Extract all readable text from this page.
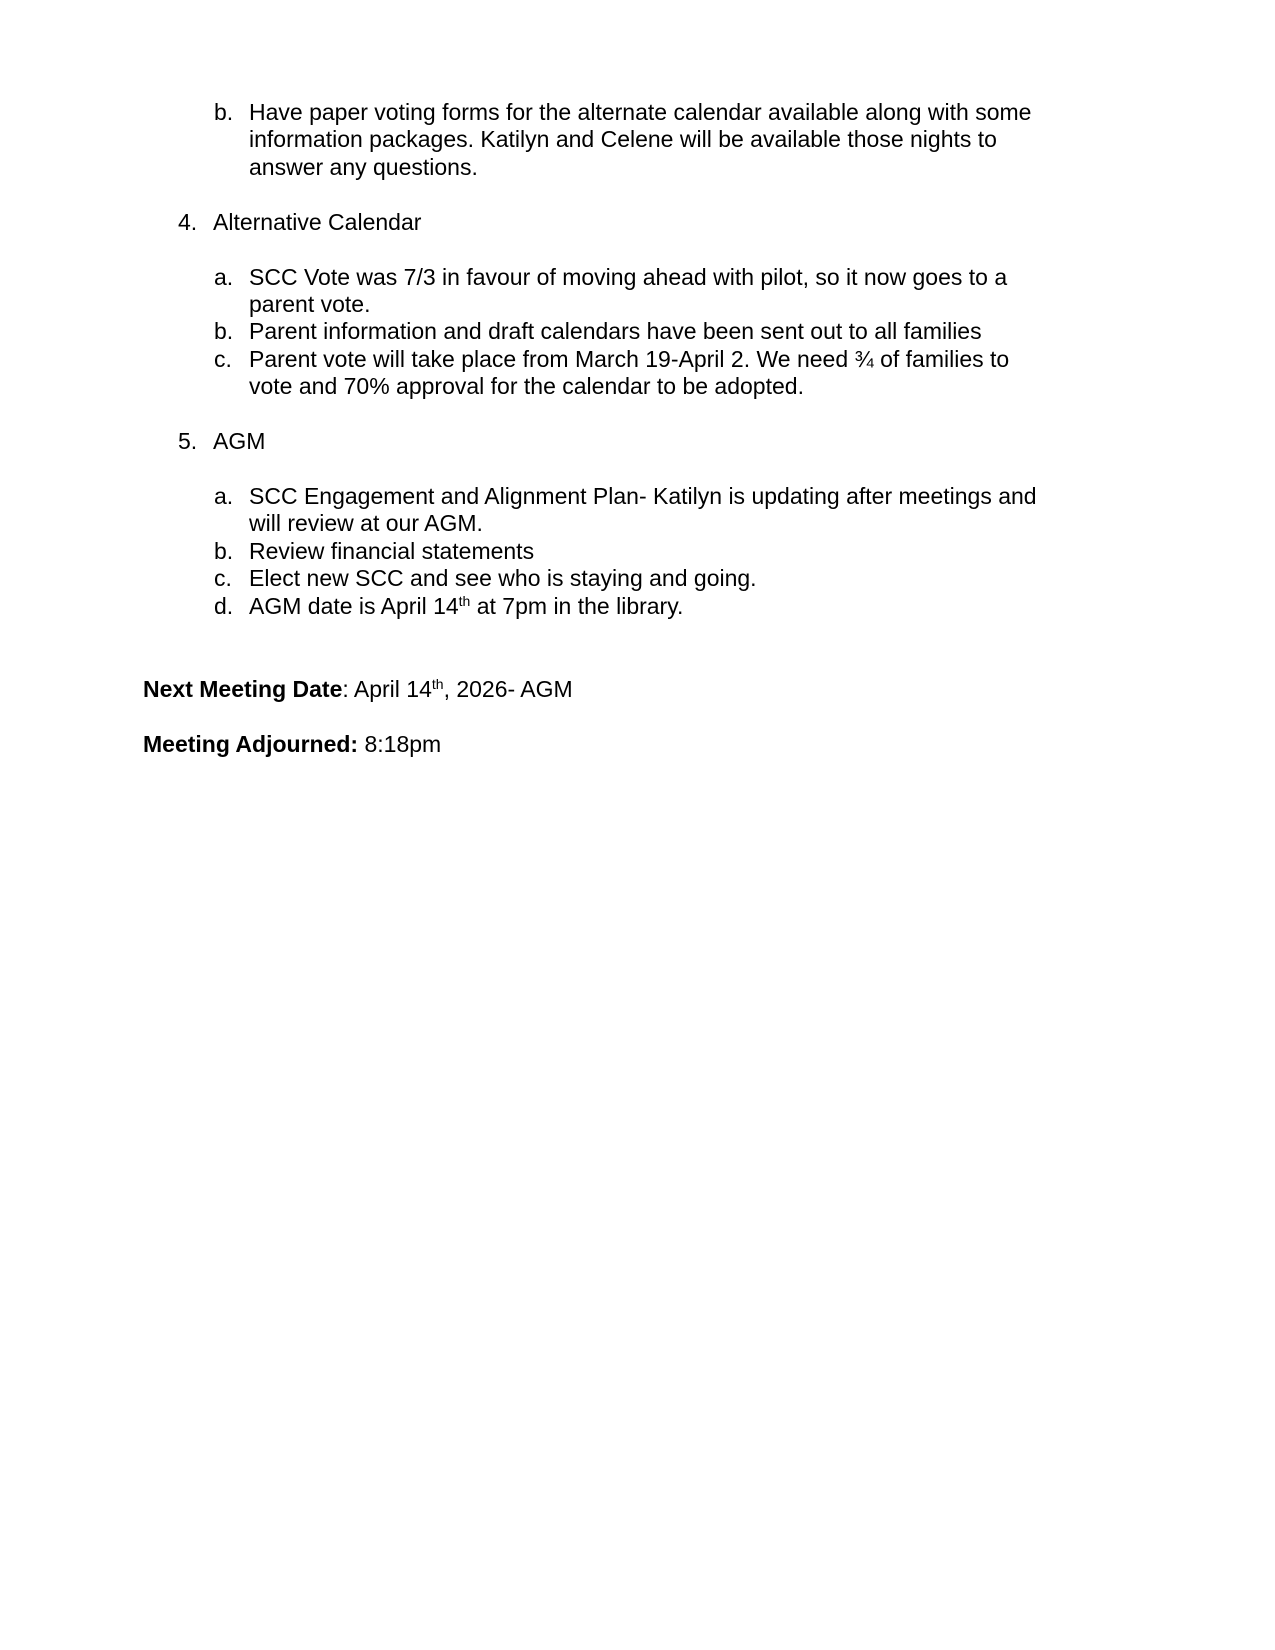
b. Have paper voting forms for the alternate calendar available along with some
information packages. Katilyn and Celene will be available those nights to
answer any questions.
4. Alternative Calendar
a. SCC Vote was 7/3 in favour of moving ahead with pilot, so it now goes to a
parent vote.
b. Parent information and draft calendars have been sent out to all families
c. Parent vote will take place from March 19-April 2. We need ¾ of families to
vote and 70% approval for the calendar to be adopted.
5. AGM
a. SCC Engagement and Alignment Plan- Katilyn is updating after meetings and
will review at our AGM.
b. Review financial statements
c. Elect new SCC and see who is staying and going.
d. AGM date is April 14th at 7pm in the library.
Next Meeting Date: April 14th, 2026- AGM
Meeting Adjourned: 8:18pm
